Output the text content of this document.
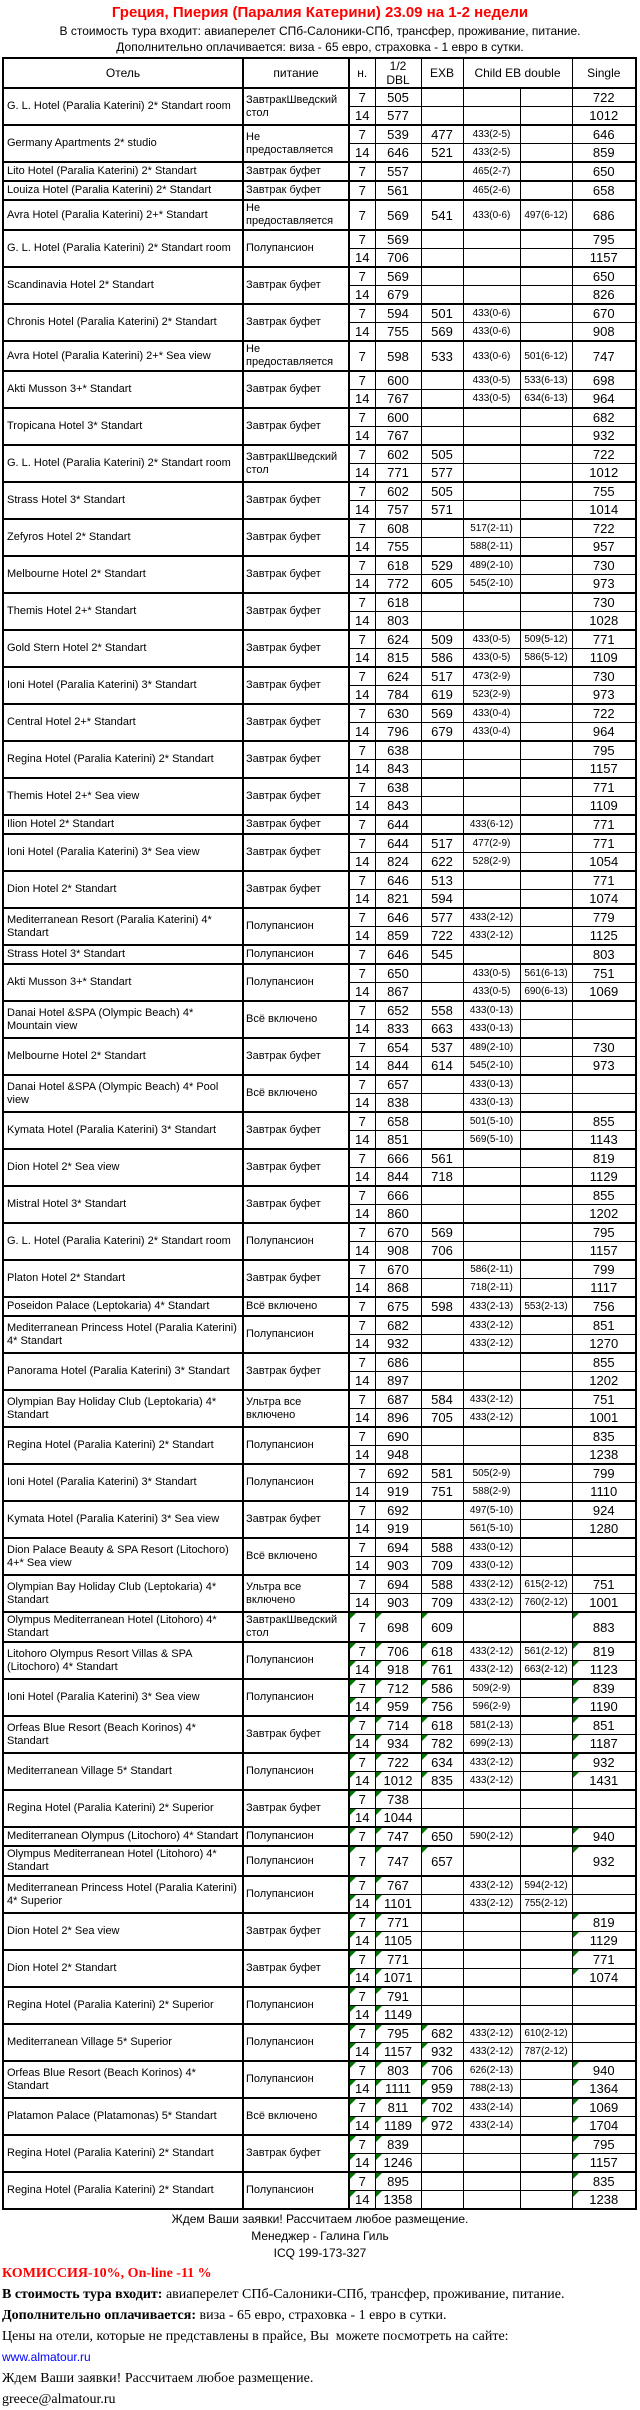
Греция, Пиерия (Паралия Катерини) 23.09 на 1-2 недели
В стоимость тура входит: авиаперелет СПб-Салоники-СПб, трансфер, проживание, питание.
Дополнительно оплачивается: виза - 65 евро, страховка - 1 евро в сутки.
Отель	питание	н.	1/2 DBL	EXB	Child EB double		Single
G. L. Hotel (Paralia Katerini) 2* Standart room	ЗавтракШведский стол	7	505				722
		14	577				1012
Germany Apartments 2* studio	Не предоставляется	7	539	477	433(2-5)		646
		14	646	521	433(2-5)		859
Lito Hotel (Paralia Katerini) 2* Standart	Завтрак буфет	7	557		465(2-7)		650
Louiza Hotel (Paralia Katerini) 2* Standart	Завтрак буфет	7	561		465(2-6)		658
Avra Hotel (Paralia Katerini) 2+* Standart	Не предоставляется	7	569	541	433(0-6)	497(6-12)	686
G. L. Hotel (Paralia Katerini) 2* Standart room	Полупансион	7	569				795
		14	706				1157
Scandinavia Hotel 2* Standart	Завтрак буфет	7	569				650
		14	679				826
Chronis Hotel (Paralia Katerini) 2* Standart	Завтрак буфет	7	594	501	433(0-6)		670
		14	755	569	433(0-6)		908
Avra Hotel (Paralia Katerini) 2+* Sea view	Не предоставляется	7	598	533	433(0-6)	501(6-12)	747
Akti Musson 3+* Standart	Завтрак буфет	7	600		433(0-5)	533(6-13)	698
		14	767		433(0-5)	634(6-13)	964
Tropicana Hotel 3* Standart	Завтрак буфет	7	600				682
		14	767				932
G. L. Hotel (Paralia Katerini) 2* Standart room	ЗавтракШведский стол	7	602	505			722
		14	771	577			1012
Strass Hotel 3* Standart	Завтрак буфет	7	602	505			755
		14	757	571			1014
Zefyros Hotel 2* Standart	Завтрак буфет	7	608		517(2-11)		722
		14	755		588(2-11)		957
Melbourne Hotel 2* Standart	Завтрак буфет	7	618	529	489(2-10)		730
		14	772	605	545(2-10)		973
Themis Hotel 2+* Standart	Завтрак буфет	7	618				730
		14	803				1028
Gold Stern Hotel 2* Standart	Завтрак буфет	7	624	509	433(0-5)	509(5-12)	771
		14	815	586	433(0-5)	586(5-12)	1109
Ioni Hotel (Paralia Katerini) 3* Standart	Завтрак буфет	7	624	517	473(2-9)		730
		14	784	619	523(2-9)		973
Central Hotel 2+* Standart	Завтрак буфет	7	630	569	433(0-4)		722
		14	796	679	433(0-4)		964
Regina Hotel (Paralia Katerini) 2* Standart	Завтрак буфет	7	638				795
		14	843				1157
Themis Hotel 2+* Sea view	Завтрак буфет	7	638				771
		14	843				1109
Ilion Hotel 2* Standart	Завтрак буфет	7	644		433(6-12)		771
Ioni Hotel (Paralia Katerini) 3* Sea view	Завтрак буфет	7	644	517	477(2-9)		771
		14	824	622	528(2-9)		1054
Dion Hotel 2* Standart	Завтрак буфет	7	646	513			771
		14	821	594			1074
Mediterranean Resort (Paralia Katerini) 4* Standart	Полупансион	7	646	577	433(2-12)		779
		14	859	722	433(2-12)		1125
Strass Hotel 3* Standart	Полупансион	7	646	545			803
Akti Musson 3+* Standart	Полупансион	7	650		433(0-5)	561(6-13)	751
		14	867		433(0-5)	690(6-13)	1069
Danai Hotel &SPA (Olympic Beach) 4* Mountain view	Всё включено	7	652	558	433(0-13)		
		14	833	663	433(0-13)		
Melbourne Hotel 2* Standart	Завтрак буфет	7	654	537	489(2-10)		730
		14	844	614	545(2-10)		973
Danai Hotel &SPA (Olympic Beach) 4* Pool view	Всё включено	7	657		433(0-13)		
		14	838		433(0-13)		
Kymata Hotel (Paralia Katerini) 3* Standart	Завтрак буфет	7	658		501(5-10)		855
		14	851		569(5-10)		1143
Dion Hotel 2* Sea view	Завтрак буфет	7	666	561			819
		14	844	718			1129
Mistral Hotel 3* Standart	Завтрак буфет	7	666				855
		14	860				1202
G. L. Hotel (Paralia Katerini) 2* Standart room	Полупансион	7	670	569			795
		14	908	706			1157
Platon Hotel 2* Standart	Завтрак буфет	7	670		586(2-11)		799
		14	868		718(2-11)		1117
Poseidon Palace (Leptokaria) 4* Standart	Всё включено	7	675	598	433(2-13)	553(2-13)	756
Mediterranean Princess Hotel (Paralia Katerini) 4* Standart	Полупансион	7	682		433(2-12)		851
		14	932		433(2-12)		1270
Panorama Hotel (Paralia Katerini) 3* Standart	Завтрак буфет	7	686				855
		14	897				1202
Olympian Bay Holiday Club (Leptokaria) 4* Standart	Ультра все включено	7	687	584	433(2-12)		751
		14	896	705	433(2-12)		1001
Regina Hotel (Paralia Katerini) 2* Standart	Полупансион	7	690				835
		14	948				1238
Ioni Hotel (Paralia Katerini) 3* Standart	Полупансион	7	692	581	505(2-9)		799
		14	919	751	588(2-9)		1110
Kymata Hotel (Paralia Katerini) 3* Sea view	Завтрак буфет	7	692		497(5-10)		924
		14	919		561(5-10)		1280
Dion Palace Beauty & SPA Resort (Litochoro) 4+* Sea view	Всё включено	7	694	588	433(0-12)		
		14	903	709	433(0-12)		
Olympian Bay Holiday Club (Leptokaria) 4* Standart	Ультра все включено	7	694	588	433(2-12)	615(2-12)	751
		14	903	709	433(2-12)	760(2-12)	1001
Olympus Mediterranean Hotel (Litohoro) 4* Standart	ЗавтракШведский стол	7	698	609			883
Litohoro Olympus Resort Villas & SPA (Litochoro) 4* Standart	Полупансион	7	706	618	433(2-12)	561(2-12)	819
		14	918	761	433(2-12)	663(2-12)	1123
Ioni Hotel (Paralia Katerini) 3* Sea view	Полупансион	7	712	586	509(2-9)		839
		14	959	756	596(2-9)		1190
Orfeas Blue Resort (Beach Korinos) 4* Standart	Завтрак буфет	7	714	618	581(2-13)		851
		14	934	782	699(2-13)		1187
Mediterranean Village 5* Standart	Полупансион	7	722	634	433(2-12)		932
		14	1012	835	433(2-12)		1431
Regina Hotel (Paralia Katerini) 2* Superior	Завтрак буфет	7	738				
		14	1044				
Mediterranean Olympus (Litochoro) 4* Standart	Полупансион	7	747	650	590(2-12)		940
Olympus Mediterranean Hotel (Litohoro) 4* Standart	Полупансион	7	747	657			932
Mediterranean Princess Hotel (Paralia Katerini) 4* Superior	Полупансион	7	767		433(2-12)	594(2-12)	
		14	1101		433(2-12)	755(2-12)	
Dion Hotel 2* Sea view	Завтрак буфет	7	771				819
		14	1105				1129
Dion Hotel 2* Standart	Завтрак буфет	7	771				771
		14	1071				1074
Regina Hotel (Paralia Katerini) 2* Superior	Полупансион	7	791				
		14	1149				
Mediterranean Village 5* Superior	Полупансион	7	795	682	433(2-12)	610(2-12)	
		14	1157	932	433(2-12)	787(2-12)	
Orfeas Blue Resort (Beach Korinos) 4* Standart	Полупансион	7	803	706	626(2-13)		940
		14	1111	959	788(2-13)		1364
Platamon Palace (Platamonas) 5* Standart	Всё включено	7	811	702	433(2-14)		1069
		14	1189	972	433(2-14)		1704
Regina Hotel (Paralia Katerini) 2* Standart	Завтрак буфет	7	839				795
		14	1246				1157
Regina Hotel (Paralia Katerini) 2* Standart	Полупансион	7	895				835
		14	1358				1238
Ждем Ваши заявки! Рассчитаем любое размещение.
Менеджер - Галина Гиль
ICQ 199-173-327
КОМИССИЯ-10%, On-line -11 %
В стоимость тура входит: авиаперелет СПб-Салоники-СПб, трансфер, проживание, питание.
Дополнительно оплачивается: виза - 65 евро, страховка - 1 евро в сутки.
Цены на отели, которые не представлены в прайсе, Вы  можете посмотреть на сайте:
www.almatour.ru
Ждем Ваши заявки! Рассчитаем любое размещение.
greece@almatour.ru
